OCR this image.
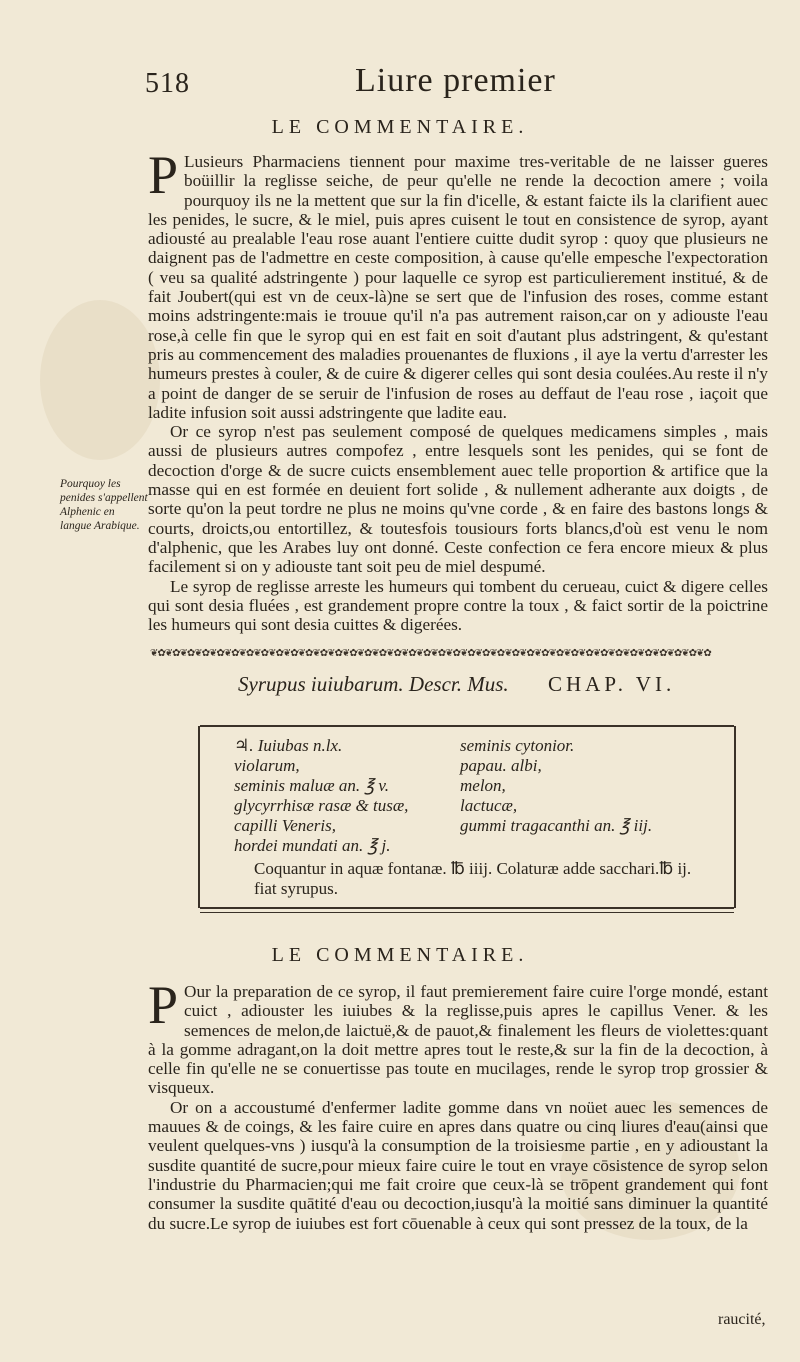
518	Liure premier
LE COMMENTAIRE.

P Lusieurs Pharmaciens tiennent pour maxime tres-veritable de ne laisser gueres boüillir la reglisse seiche, de peur qu'elle ne rende la decoction amere ; voila pourquoy ils ne la mettent que sur la fin d'icelle, & estant faicte ils la clarifient auec les penides, le sucre, & le miel, puis apres cuisent le tout en consistence de syrop, ayant adiousté au prealable l'eau rose auant l'entiere cuitte dudit syrop : quoy que plusieurs ne daignent pas de l'admettre en ceste composition, à cause qu'elle empesche l'expectoration ( veu sa qualité adstringente ) pour laquelle ce syrop est particulierement institué, & de fait Joubert(qui est vn de ceux-là)ne se sert que de l'infusion des roses, comme estant moins adstringente:mais ie trouue qu'il n'a pas autrement raison,car on y adiouste l'eau rose,à celle fin que le syrop qui en est fait en soit d'autant plus adstringent, & qu'estant pris au commencement des maladies prouenantes de fluxions , il aye la vertu d'arrester les humeurs prestes à couler, & de cuire & digerer celles qui sont desia coulées.Au reste il n'y a point de danger de se seruir de l'infusion de roses au deffaut de l'eau rose , iaçoit que ladite infusion soit aussi adstringente que ladite eau.

Or ce syrop n'est pas seulement composé de quelques medicamens simples , mais aussi de plusieurs autres compofez , entre lesquels sont les penides, qui se font de decoction d'orge & de sucre cuicts ensemblement auec telle proportion & artifice que la masse qui en est formée en deuient fort solide , & nullement adherante aux doigts , de sorte qu'on la peut tordre ne plus ne moins qu'vne corde , & en faire des bastons longs & courts, droicts,ou entortillez, & toutesfois tousiours forts blancs,d'où est venu le nom d'alphenic, que les Arabes luy ont donné. Ceste confection ce fera encore mieux & plus facilement si on y adiouste tant soit peu de miel despumé.

Le syrop de reglisse arreste les humeurs qui tombent du cerueau, cuict & digere celles qui sont desia fluées , est grandement propre contre la toux , & faict sortir de la poictrine les humeurs qui sont desia cuittes & digerées.

Pourquoy les penides s'appellent Alphenic en langue Arabique.
❦✿❦✿❦✿❦✿❦✿❦✿❦✿❦✿❦✿❦✿❦✿❦✿❦✿❦✿❦✿❦✿❦✿❦✿❦✿❦✿❦✿❦✿❦✿❦✿❦✿❦✿❦✿❦✿❦✿❦✿❦✿❦✿❦✿❦✿❦✿❦✿❦✿❦✿
Syrupus iuiubarum. Descr. Mus. CHAP. VI.
♃. Iuiubas n.lx.
violarum,
seminis maluæ an. ℥ v.
glycyrrhisæ rasæ & tusæ,
capilli Veneris,
hordei mundati an. ℥ j.
seminis cytonior.
papau. albi,
melon,
lactucæ,
gummi tragacanthi an. ℥ iij.
Coquantur in aquæ fontanæ. ℔ iiij. Colaturæ adde sacchari.℔ ij.
fiat syrupus.
LE COMMENTAIRE.

P Our la preparation de ce syrop, il faut premierement faire cuire l'orge mondé, estant cuict , adiouster les iuiubes & la reglisse,puis apres le capillus Vener. & les semences de melon,de laictuë,& de pauot,& finalement les fleurs de violettes:quant à la gomme adragant,on la doit mettre apres tout le reste,& sur la fin de la decoction, à celle fin qu'elle ne se conuertisse pas toute en mucilages, rende le syrop trop grossier & visqueux.

Or on a accoustumé d'enfermer ladite gomme dans vn noüet auec les semences de mauues & de coings, & les faire cuire en apres dans quatre ou cinq liures d'eau(ainsi que veulent quelques-vns ) iusqu'à la consumption de la troisiesme partie , en y adioustant la susdite quantité de sucre,pour mieux faire cuire le tout en vraye cōsistence de syrop selon l'industrie du Pharmacien;qui me fait croire que ceux-là se trōpent grandement qui font consumer la susdite quātité d'eau ou decoction,iusqu'à la moitié sans diminuer la quantité du sucre.Le syrop de iuiubes est fort cōuenable à ceux qui sont pressez de la toux, de la

raucité,
